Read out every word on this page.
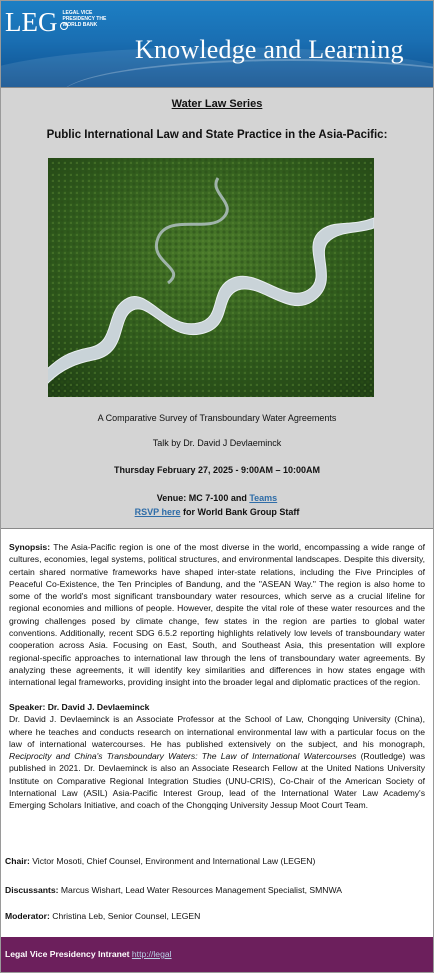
LEG LEGAL VICE PRESIDENCY THE WORLD BANK
Knowledge and Learning
Water Law Series
Public International Law and State Practice in the Asia-Pacific:
A Comparative Survey of Transboundary Water Agreements
Talk by Dr. David J Devlaeminck
Thursday February 27, 2025 - 9:00AM – 10:00AM
Venue: MC 7-100 and Teams
RSVP here for World Bank Group Staff

Synopsis: The Asia-Pacific region is one of the most diverse in the world, encompassing a wide range of cultures, economies, legal systems, political structures, and environmental landscapes. Despite this diversity, certain shared normative frameworks have shaped inter-state relations, including the Five Principles of Peaceful Co-Existence, the Ten Principles of Bandung, and the "ASEAN Way." The region is also home to some of the world's most significant transboundary water resources, which serve as a crucial lifeline for regional economies and millions of people. However, despite the vital role of these water resources and the growing challenges posed by climate change, few states in the region are parties to global water conventions. Additionally, recent SDG 6.5.2 reporting highlights relatively low levels of transboundary water cooperation across Asia. Focusing on East, South, and Southeast Asia, this presentation will explore regional-specific approaches to international law through the lens of transboundary water agreements. By analyzing these agreements, it will identify key similarities and differences in how states engage with international legal frameworks, providing insight into the broader legal and diplomatic practices of the region.

Speaker: Dr. David J. Devlaeminck

Dr. David J. Devlaeminck is an Associate Professor at the School of Law, Chongqing University (China), where he teaches and conducts research on international environmental law with a particular focus on the law of international watercourses. He has published extensively on the subject, and his monograph, Reciprocity and China's Transboundary Waters: The Law of International Watercourses (Routledge) was published in 2021. Dr. Devlaeminck is also an Associate Research Fellow at the United Nations University Institute on Comparative Regional Integration Studies (UNU-CRIS), Co-Chair of the American Society of International Law (ASIL) Asia-Pacific Interest Group, lead of the International Water Law Academy's Emerging Scholars Initiative, and coach of the Chongqing University Jessup Moot Court Team.

Chair: Victor Mosoti, Chief Counsel, Environment and International Law (LEGEN)
Discussants: Marcus Wishart, Lead Water Resources Management Specialist, SMNWA
Moderator: Christina Leb, Senior Counsel, LEGEN
Legal Vice Presidency Intranet http://legal
